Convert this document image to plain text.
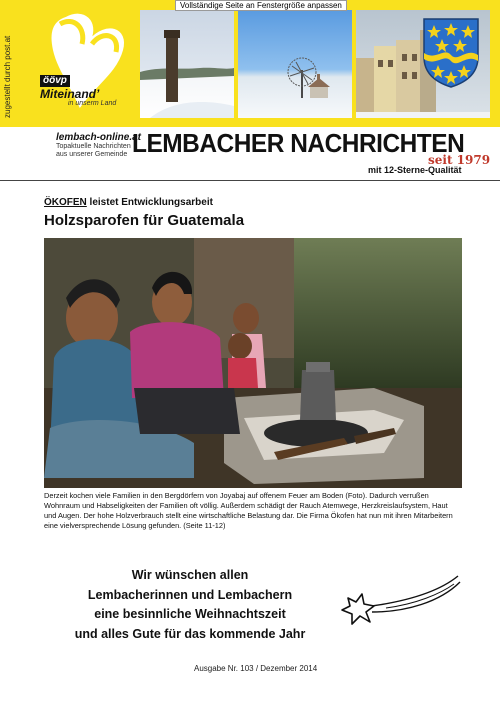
Vollständige Seite an Fenstergröße anpassen
zugestellt durch post.at	öövp
Miteinand’
in unserm Land
lembach-online.at
Topaktuelle Nachrichten aus unserer Gemeinde LEMBACHER NACHRICHTEN
seit 1979
mit 12-Sterne-Qualität
ÖKOFEN leistet Entwicklungsarbeit
Holzsparofen für Guatemala
Derzeit kochen viele Familien in den Bergdörfern von Joyabaj auf offenem Feuer am Boden (Foto). Dadurch verrußen Wohnraum und Habseligkeiten der Familien oft völlig. Außerdem schädigt der Rauch Atemwege, Herzkreislaufsystem, Haut und Augen. Der hohe Holzverbrauch stellt eine wirtschaftliche Belastung dar. Die Firma Ökofen hat nun mit ihren Mitarbeitern eine vielversprechende Lösung gefunden. (Seite 11-12)
Wir wünschen allen
Lembacherinnen und Lembachern
eine besinnliche Weihnachtszeit
und alles Gute für das kommende Jahr
Ausgabe Nr. 103 / Dezember 2014
